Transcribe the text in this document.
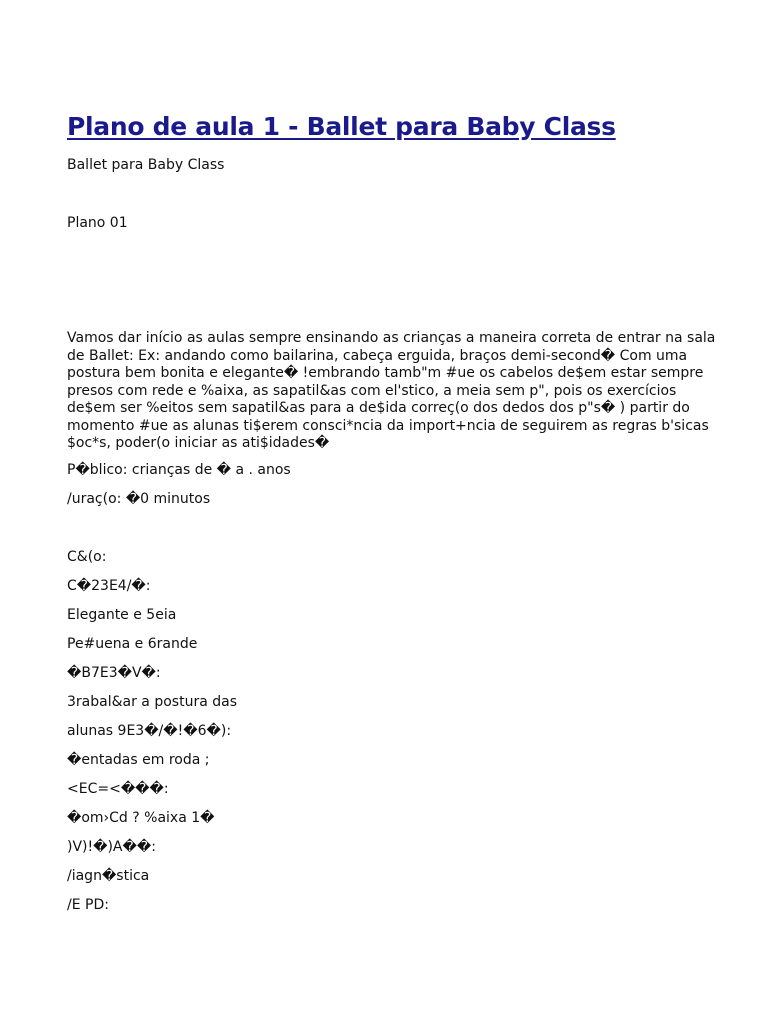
Plano de aula 1 - Ballet para Baby Class

Ballet para Baby Class

Plano 01

Vamos dar início as aulas sempre ensinando as crianças a maneira correta de entrar na sala
de Ballet: Ex: andando como bailarina, cabeça erguida, braços demi-second� Com uma
postura bem bonita e elegante� !embrando tamb"m #ue os cabelos de$em estar sempre
presos com rede e %aixa, as sapatil&as com el'stico, a meia sem p", pois os exercícios
de$em ser %eitos sem sapatil&as para a de$ida correç(o dos dedos dos p"s� ) partir do
momento #ue as alunas ti$erem consci*ncia da import+ncia de seguirem as regras b'sicas
$oc*s, poder(o iniciar as ati$idades�

P�blico: crianças de � a . anos

/uraç(o: �0 minutos

C&(o:

C�23E4/�:

Elegante e 5eia

Pe#uena e 6rande

�B7E3�V�:

3rabal&ar a postura das

alunas 9E3�/�!�6�):

�entadas em roda ;

<EC=<���:

�om›Cd ? %aixa 1�

)V)!�)A��:

/iagn�stica

/E PD:
